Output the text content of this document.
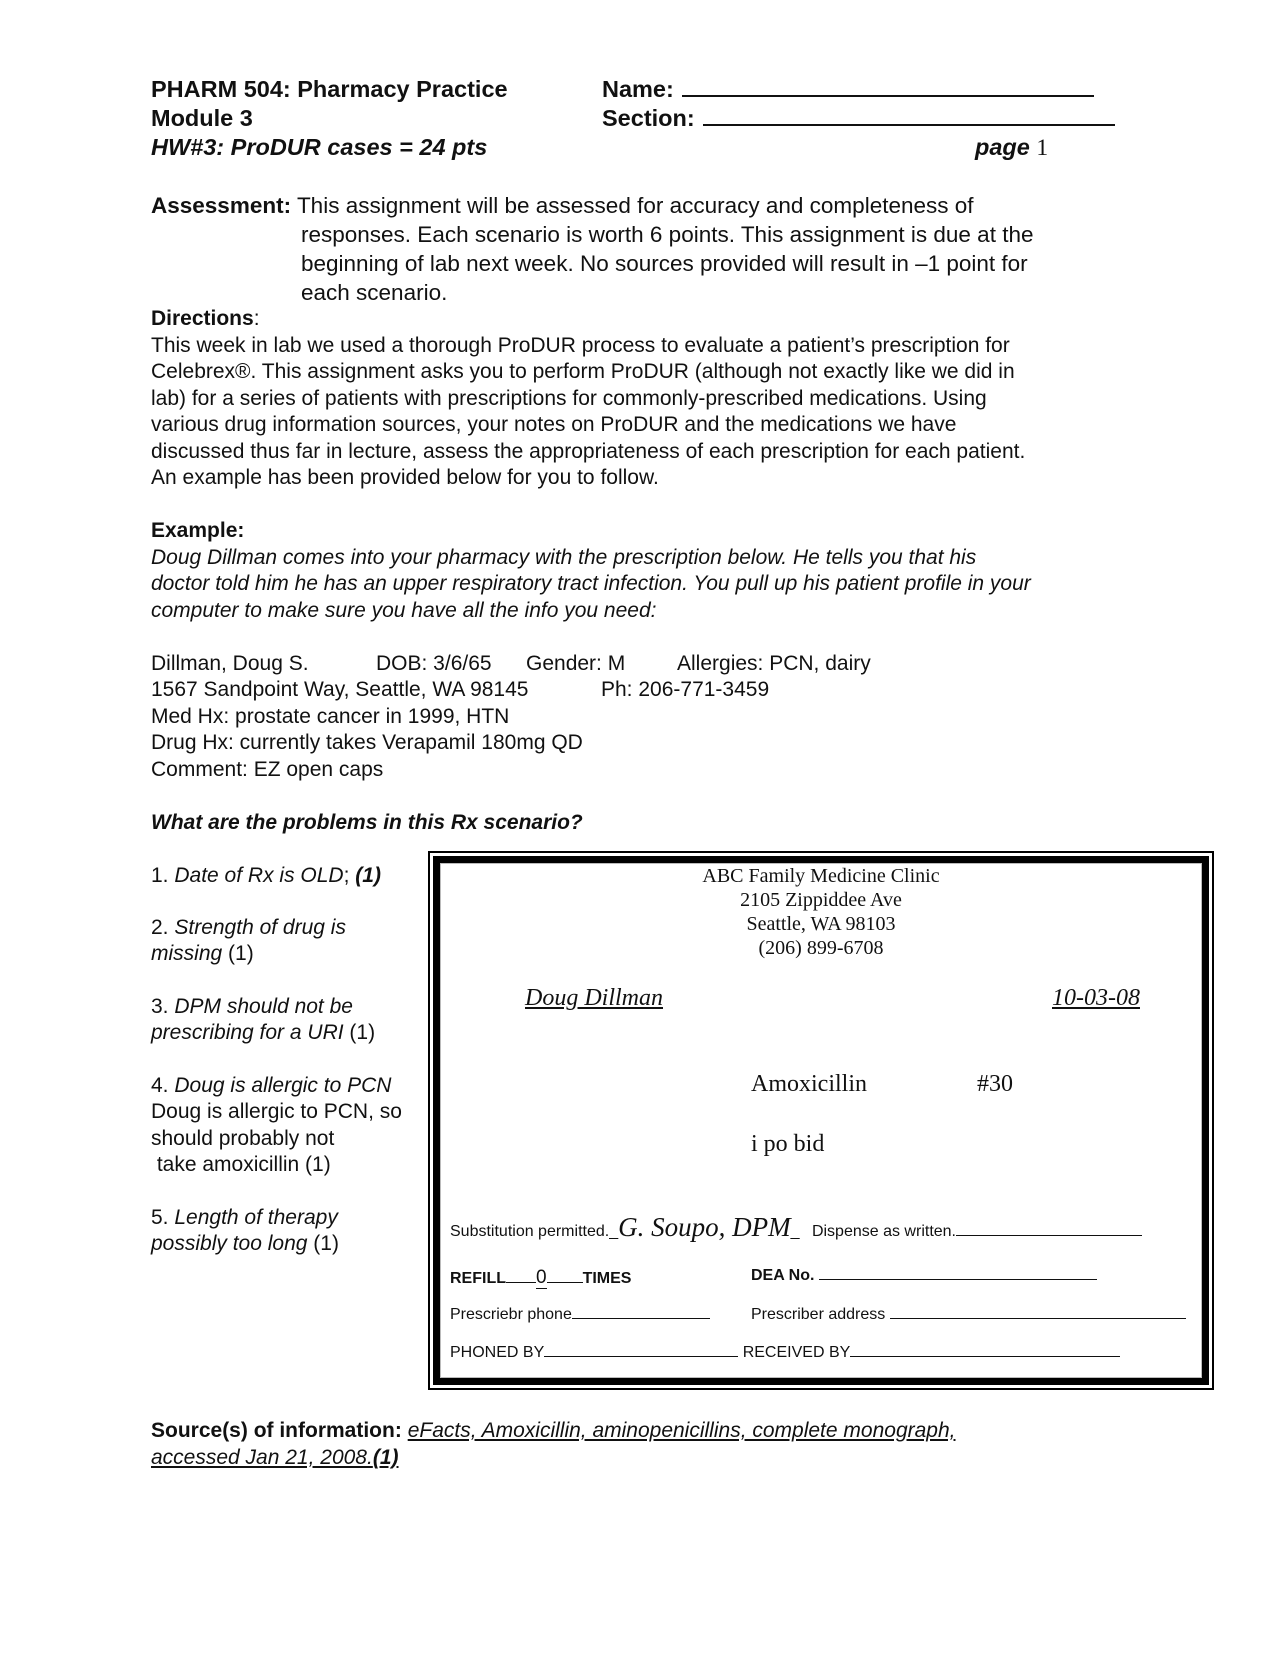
PHARM 504: Pharmacy Practice
Module 3
HW#3: ProDUR cases = 24 pts
Name:
Section:
page 1
Assessment: This assignment will be assessed for accuracy and completeness of
responses. Each scenario is worth 6 points. This assignment is due at the
beginning of lab next week. No sources provided will result in –1 point for
each scenario.
Directions:
This week in lab we used a thorough ProDUR process to evaluate a patient’s prescription for
Celebrex®. This assignment asks you to perform ProDUR (although not exactly like we did in
lab) for a series of patients with prescriptions for commonly-prescribed medications. Using
various drug information sources, your notes on ProDUR and the medications we have
discussed thus far in lecture, assess the appropriateness of each prescription for each patient.
An example has been provided below for you to follow.
Example:
Doug Dillman comes into your pharmacy with the prescription below. He tells you that his
doctor told him he has an upper respiratory tract infection. You pull up his patient profile in your
computer to make sure you have all the info you need:
Dillman, Doug S.	DOB: 3/6/65 Gender: M Allergies: PCN, dairy
1567 Sandpoint Way, Seattle, WA 98145	Ph: 206-771-3459
Med Hx: prostate cancer in 1999, HTN
Drug Hx: currently takes Verapamil 180mg QD
Comment: EZ open caps
What are the problems in this Rx scenario?
1. Date of Rx is OLD; (1)
2. Strength of drug is
missing (1)
3. DPM should not be
prescribing for a URI (1)
4. Doug is allergic to PCN
Doug is allergic to PCN, so
should probably not
take amoxicillin (1)
5. Length of therapy
possibly too long (1)
ABC Family Medicine Clinic
2105 Zippiddee Ave
Seattle, WA 98103
(206) 899-6708
Doug Dillman	10-03-08
Amoxicillin	#30
i po bid
Substitution permitted._G. Soupo, DPM_ Dispense as written.
REFILL 0 TIMES	DEA No.
Prescriebr phone	Prescriber address
PHONED BY	RECEIVED BY
Source(s) of information: eFacts, Amoxicillin, aminopenicillins, complete monograph,
accessed Jan 21, 2008.(1)
